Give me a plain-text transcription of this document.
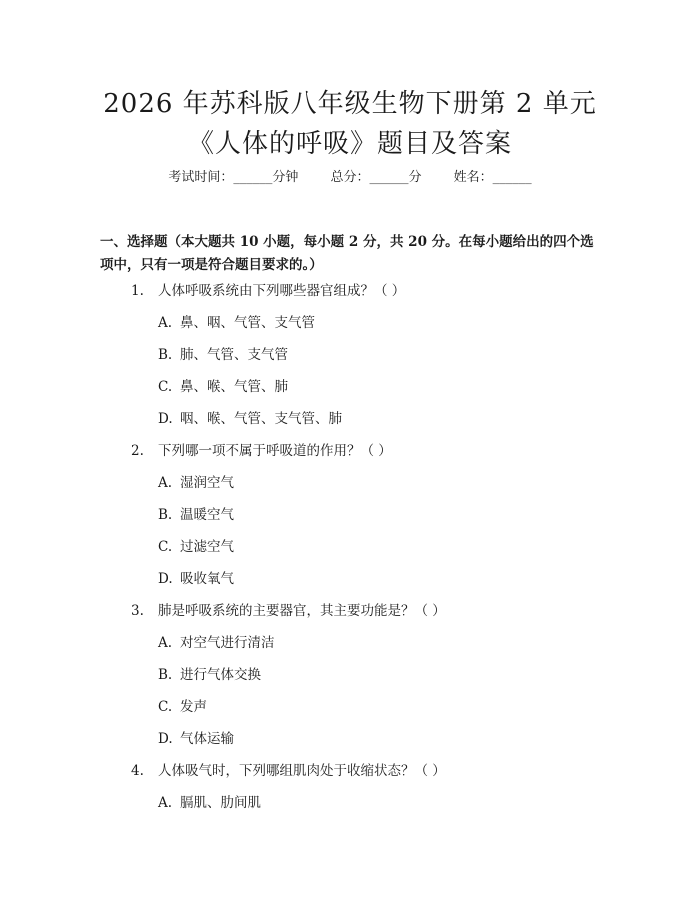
2026 年苏科版八年级生物下册第 2 单元《人体的呼吸》题目及答案
考试时间：______分钟 总分：______分 姓名：______

一、选择题（本大题共 10 小题，每小题 2 分，共 20 分。在每小题给出的四个选项中，只有一项是符合题目要求的。）

1. 人体呼吸系统由下列哪些器官组成？（ ）
A. 鼻、咽、气管、支气管
B. 肺、气管、支气管
C. 鼻、喉、气管、肺
D. 咽、喉、气管、支气管、肺
2. 下列哪一项不属于呼吸道的作用？（ ）
A. 湿润空气
B. 温暖空气
C. 过滤空气
D. 吸收氧气
3. 肺是呼吸系统的主要器官，其主要功能是？（ ）
A. 对空气进行清洁
B. 进行气体交换
C. 发声
D. 气体运输
4. 人体吸气时，下列哪组肌肉处于收缩状态？（ ）
A. 膈肌、肋间肌
